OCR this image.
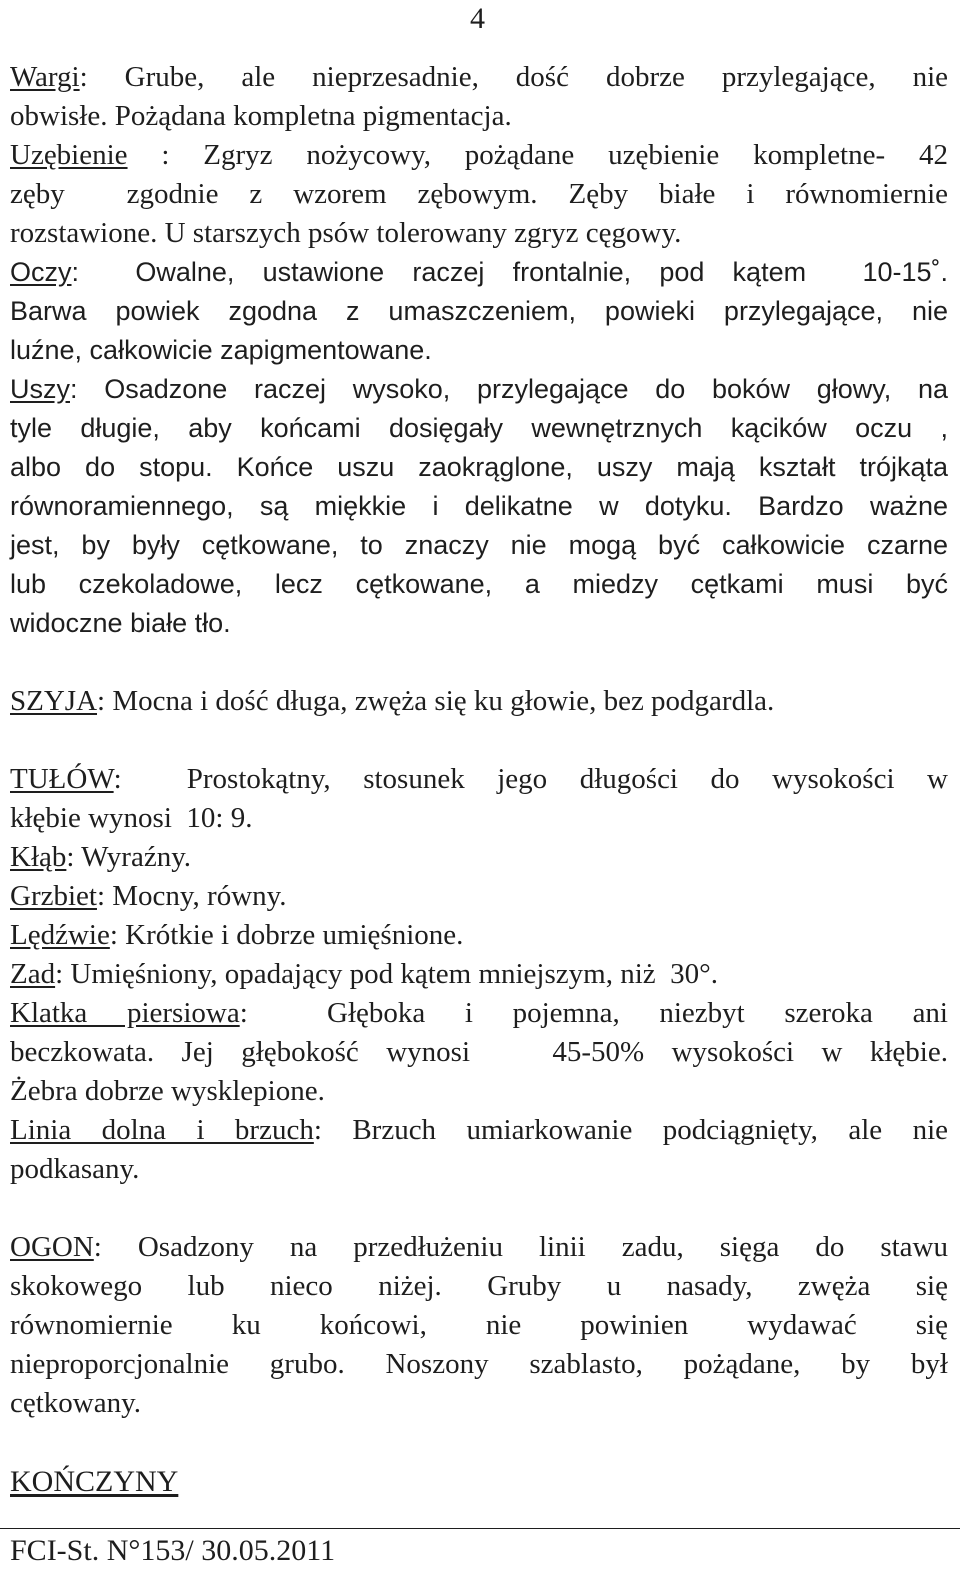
4
Wargi: Grube, ale nieprzesadnie, dość dobrze przylegające, nie
obwisłe. Pożądana kompletna pigmentacja.
Uzębienie : Zgryz nożycowy, pożądane uzębienie kompletne- 42
zęby  zgodnie z wzorem zębowym. Zęby białe i równomiernie
rozstawione. U starszych psów tolerowany zgryz cęgowy.
Oczy:  Owalne, ustawione raczej frontalnie, pod kątem  10-15˚.
Barwa powiek zgodna z umaszczeniem, powieki przylegające, nie
luźne, całkowicie zapigmentowane.
Uszy: Osadzone raczej wysoko, przylegające do boków głowy, na
tyle długie, aby końcami dosięgały wewnętrznych kącików oczu ,
albo do stopu. Końce uszu zaokrąglone, uszy mają kształt trójkąta
równoramiennego, są miękkie i delikatne w dotyku. Bardzo ważne
jest, by były cętkowane, to znaczy nie mogą być całkowicie czarne
lub czekoladowe, lecz cętkowane, a miedzy cętkami musi być
widoczne białe tło.
SZYJA: Mocna i dość długa, zwęża się ku głowie, bez podgardla.
TUŁÓW:  Prostokątny, stosunek jego długości do wysokości w
kłębie wynosi  10: 9.
Kłąb: Wyraźny.
Grzbiet: Mocny, równy.
Lędźwie: Krótkie i dobrze umięśnione.
Zad: Umięśniony, opadający pod kątem mniejszym, niż  30°.
Klatka piersiowa:  Głęboka i pojemna, niezbyt szeroka ani
beczkowata. Jej głębokość wynosi   45-50% wysokości w kłębie.
Żebra dobrze wysklepione.
Linia dolna i brzuch: Brzuch umiarkowanie podciągnięty, ale nie
podkasany.
OGON: Osadzony na przedłużeniu linii zadu, sięga do stawu
skokowego lub nieco niżej. Gruby u nasady, zwęża się
równomiernie ku końcowi, nie powinien wydawać się
nieproporcjonalnie grubo. Noszony szablasto, pożądane, by był
cętkowany.
KOŃCZYNY
FCI-St. N°153/ 30.05.2011
